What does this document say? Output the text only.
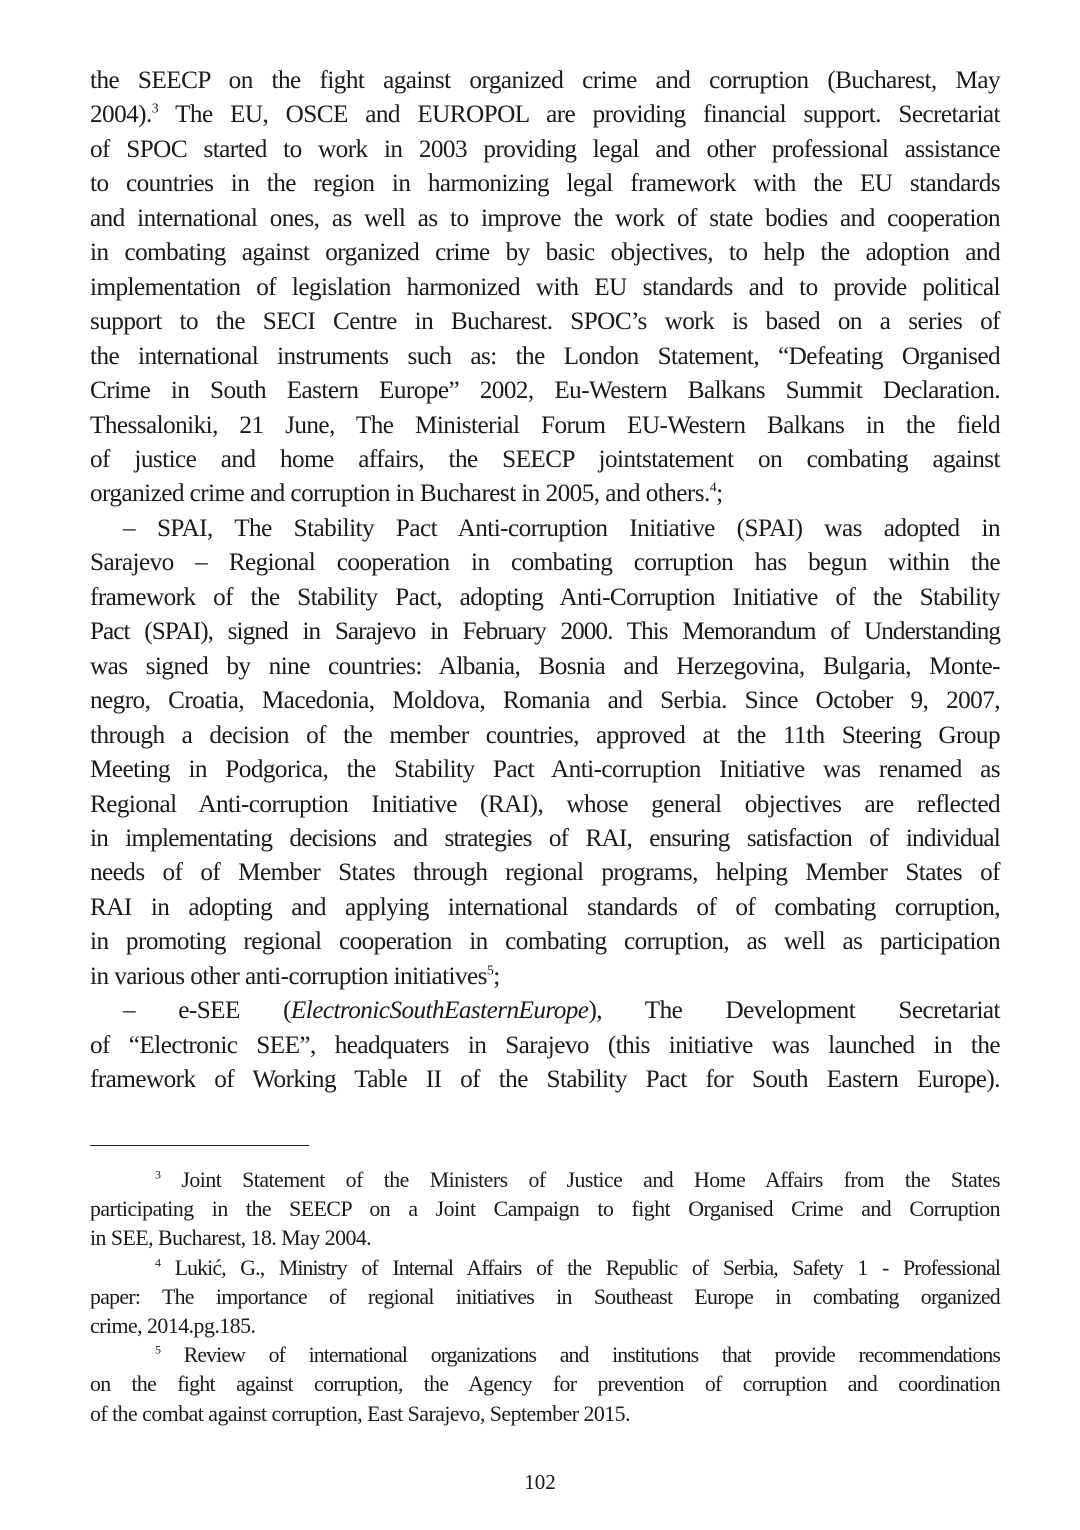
the SEECP on the fight against organized crime and corruption (Bucharest, May
2004).$^3$ The EU, OSCE and EUROPOL are providing financial support. Secretariat
of SPOC started to work in 2003 providing legal and other professional assistance
to countries in the region in harmonizing legal framework with the EU standards
and international ones, as well as to improve the work of state bodies and cooperation
in combating against organized crime by basic objectives, to help the adoption and
implementation of legislation harmonized with EU standards and to provide political
support to the SECI Centre in Bucharest. SPOC’s work is based on a series of
the international instruments such as: the London Statement, “Defeating Organised
Crime in South Eastern Europe” 2002, Eu-Western Balkans Summit Declaration.
Thessaloniki, 21 June, The Ministerial Forum EU-Western Balkans in the field
of justice and home affairs, the SEECP jointstatement on combating against
organized crime and corruption in Bucharest in 2005, and others.$^4$;

– SPAI, The Stability Pact Anti-corruption Initiative (SPAI) was adopted in
Sarajevo – Regional cooperation in combating corruption has begun within the
framework of the Stability Pact, adopting Anti-Corruption Initiative of the Stability
Pact (SPAI), signed in Sarajevo in February 2000. This Memorandum of Understanding
was signed by nine countries: Albania, Bosnia and Herzegovina, Bulgaria, Monte-
negro, Croatia, Macedonia, Moldova, Romania and Serbia. Since October 9, 2007,
through a decision of the member countries, approved at the 11th Steering Group
Meeting in Podgorica, the Stability Pact Anti-corruption Initiative was renamed as
Regional Anti-corruption Initiative (RAI), whose general objectives are reflected
in implementating decisions and strategies of RAI, ensuring satisfaction of individual
needs of of Member States through regional programs, helping Member States of
RAI in adopting and applying international standards of of combating corruption,
in promoting regional cooperation in combating corruption, as well as participation
in various other anti-corruption initiatives$^5$;

– e-SEE (ElectronicSouthEasternEurope), The Development Secretariat
of “Electronic SEE”, headquaters in Sarajevo (this initiative was launched in the
framework of Working Table II of the Stability Pact for South Eastern Europe).

$^3$ Joint Statement of the Ministers of Justice and Home Affairs from the States
participating in the SEECP on a Joint Campaign to fight Organised Crime and Corruption
in SEE, Bucharest, 18. May 2004.
$^4$ Lukić, G., Ministry of Internal Affairs of the Republic of Serbia, Safety 1 - Professional
paper: The importance of regional initiatives in Southeast Europe in combating organized
crime, 2014.pg.185.
$^5$ Review of international organizations and institutions that provide recommendations
on the fight against corruption, the Agency for prevention of corruption and coordination
of the combat against corruption, East Sarajevo, September 2015.
102
